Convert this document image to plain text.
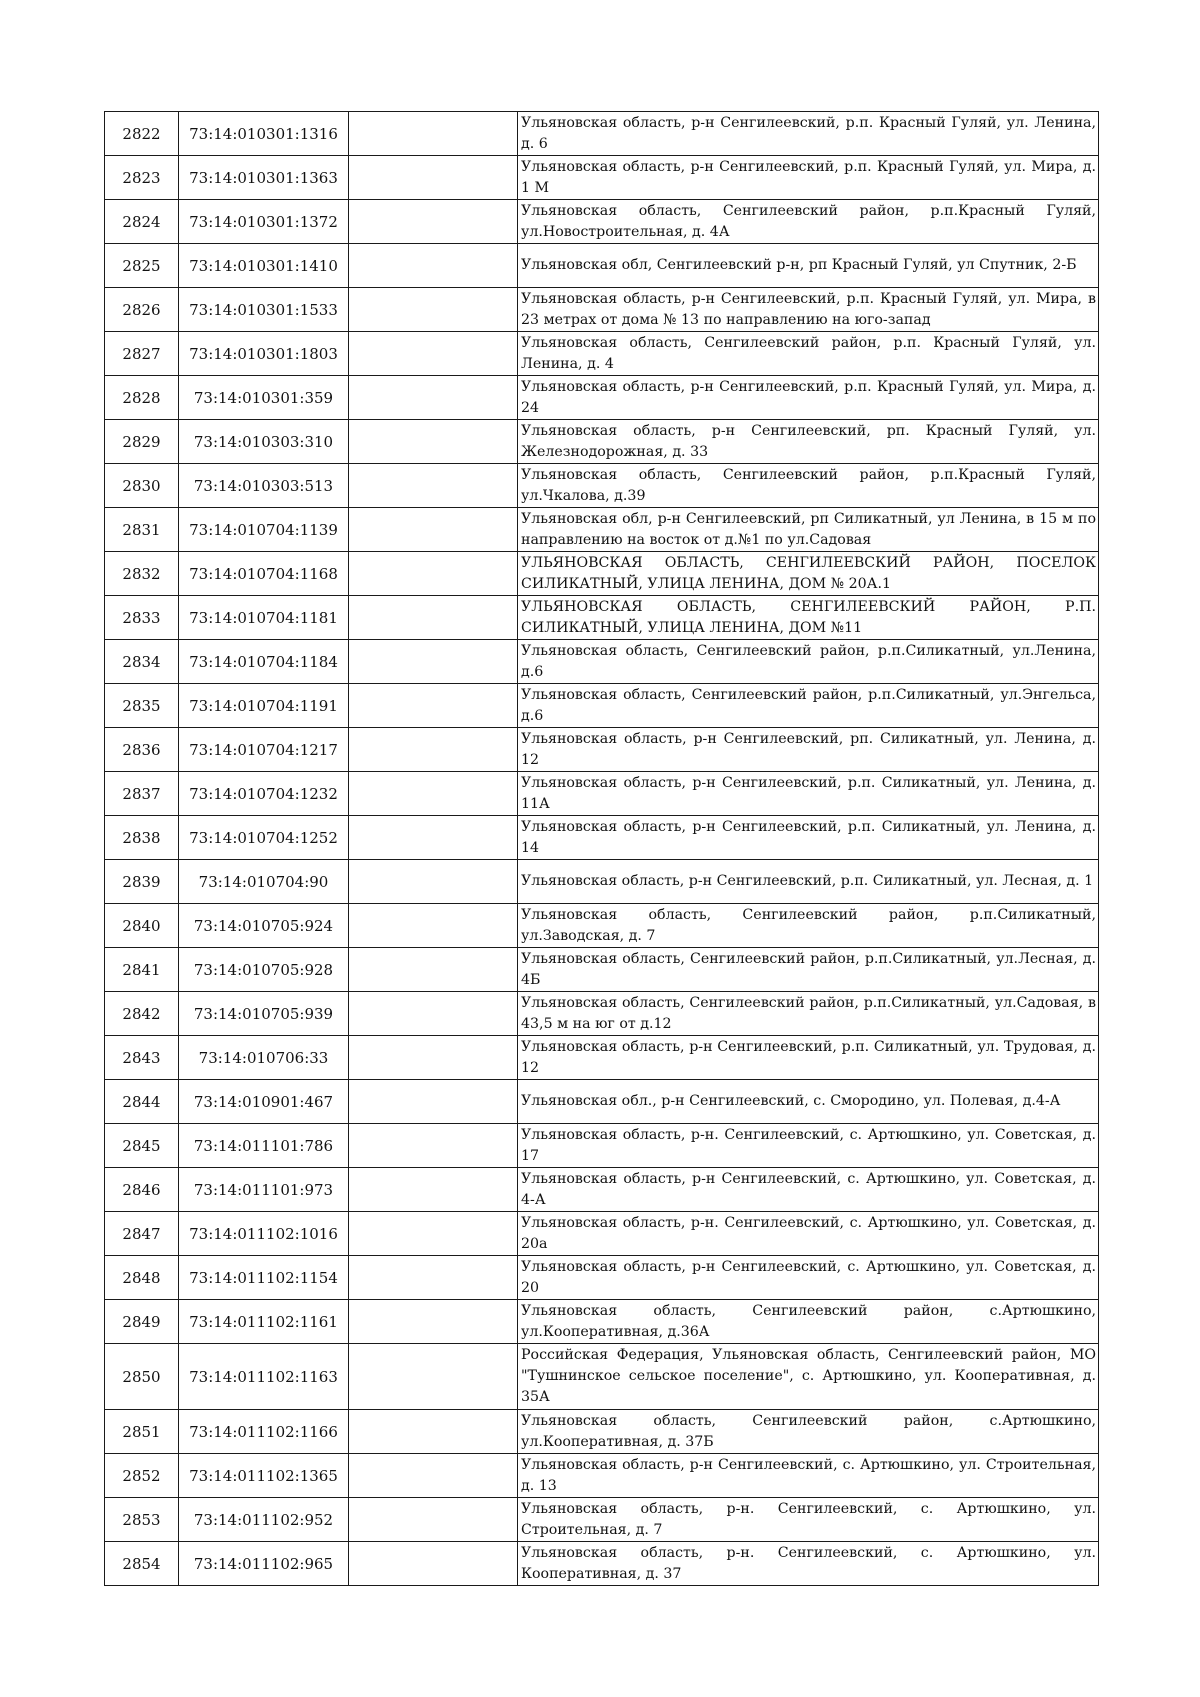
2822	73:14:010301:1316		Ульяновская область, р-н Сенгилеевский, р.п. Красный Гуляй, ул. Ленина, д. 6
2823	73:14:010301:1363		Ульяновская область, р-н Сенгилеевский, р.п. Красный Гуляй, ул. Мира, д. 1 М
2824	73:14:010301:1372		Ульяновская область, Сенгилеевский район, р.п.Красный Гуляй, ул.Новостроительная, д. 4А
2825	73:14:010301:1410		Ульяновская обл, Сенгилеевский р-н, рп Красный Гуляй, ул Спутник, 2-Б
2826	73:14:010301:1533		Ульяновская область, р-н Сенгилеевский, р.п. Красный Гуляй, ул. Мира, в 23 метрах от дома № 13 по направлению на юго-запад
2827	73:14:010301:1803		Ульяновская область, Сенгилеевский район, р.п. Красный Гуляй, ул. Ленина, д. 4
2828	73:14:010301:359		Ульяновская область, р-н Сенгилеевский, р.п. Красный Гуляй, ул. Мира, д. 24
2829	73:14:010303:310		Ульяновская область, р-н Сенгилеевский, рп. Красный Гуляй, ул. Железнодорожная, д. 33
2830	73:14:010303:513		Ульяновская область, Сенгилеевский район, р.п.Красный Гуляй, ул.Чкалова, д.39
2831	73:14:010704:1139		Ульяновская обл, р-н Сенгилеевский, рп Силикатный, ул Ленина, в 15 м по направлению на восток от д.№1 по ул.Садовая
2832	73:14:010704:1168		УЛЬЯНОВСКАЯ ОБЛАСТЬ, СЕНГИЛЕЕВСКИЙ РАЙОН, ПОСЕЛОК СИЛИКАТНЫЙ, УЛИЦА ЛЕНИНА, ДОМ № 20А.1
2833	73:14:010704:1181		УЛЬЯНОВСКАЯ ОБЛАСТЬ, СЕНГИЛЕЕВСКИЙ РАЙОН, Р.П. СИЛИКАТНЫЙ, УЛИЦА ЛЕНИНА, ДОМ №11
2834	73:14:010704:1184		Ульяновская область, Сенгилеевский район, р.п.Силикатный, ул.Ленина, д.6
2835	73:14:010704:1191		Ульяновская область, Сенгилеевский район, р.п.Силикатный, ул.Энгельса, д.6
2836	73:14:010704:1217		Ульяновская область, р-н Сенгилеевский, рп. Силикатный, ул. Ленина, д. 12
2837	73:14:010704:1232		Ульяновская область, р-н Сенгилеевский, р.п. Силикатный, ул. Ленина, д. 11А
2838	73:14:010704:1252		Ульяновская область, р-н Сенгилеевский, р.п. Силикатный, ул. Ленина, д. 14
2839	73:14:010704:90		Ульяновская область, р-н Сенгилеевский, р.п. Силикатный, ул. Лесная, д. 1
2840	73:14:010705:924		Ульяновская область, Сенгилеевский район, р.п.Силикатный, ул.Заводская, д. 7
2841	73:14:010705:928		Ульяновская область, Сенгилеевский район, р.п.Силикатный, ул.Лесная, д. 4Б
2842	73:14:010705:939		Ульяновская область, Сенгилеевский район, р.п.Силикатный, ул.Садовая, в 43,5 м на юг от д.12
2843	73:14:010706:33		Ульяновская область, р-н Сенгилеевский, р.п. Силикатный, ул. Трудовая, д. 12
2844	73:14:010901:467		Ульяновская обл., р-н Сенгилеевский, с. Смородино, ул. Полевая, д.4-А
2845	73:14:011101:786		Ульяновская область, р-н. Сенгилеевский, с. Артюшкино, ул. Советская, д. 17
2846	73:14:011101:973		Ульяновская область, р-н Сенгилеевский, с. Артюшкино, ул. Советская, д. 4-А
2847	73:14:011102:1016		Ульяновская область, р-н. Сенгилеевский, с. Артюшкино, ул. Советская, д. 20а
2848	73:14:011102:1154		Ульяновская область, р-н Сенгилеевский, с. Артюшкино, ул. Советская, д. 20
2849	73:14:011102:1161		Ульяновская область, Сенгилеевский район, с.Артюшкино, ул.Кооперативная, д.36А
2850	73:14:011102:1163		Российская Федерация, Ульяновская область, Сенгилеевский район, МО "Тушнинское сельское поселение", с. Артюшкино, ул. Кооперативная, д. 35А
2851	73:14:011102:1166		Ульяновская область, Сенгилеевский район, с.Артюшкино, ул.Кооперативная, д. 37Б
2852	73:14:011102:1365		Ульяновская область, р-н Сенгилеевский, с. Артюшкино, ул. Строительная, д. 13
2853	73:14:011102:952		Ульяновская область, р-н. Сенгилеевский, с. Артюшкино, ул. Строительная, д. 7
2854	73:14:011102:965		Ульяновская область, р-н. Сенгилеевский, с. Артюшкино, ул. Кооперативная, д. 37
